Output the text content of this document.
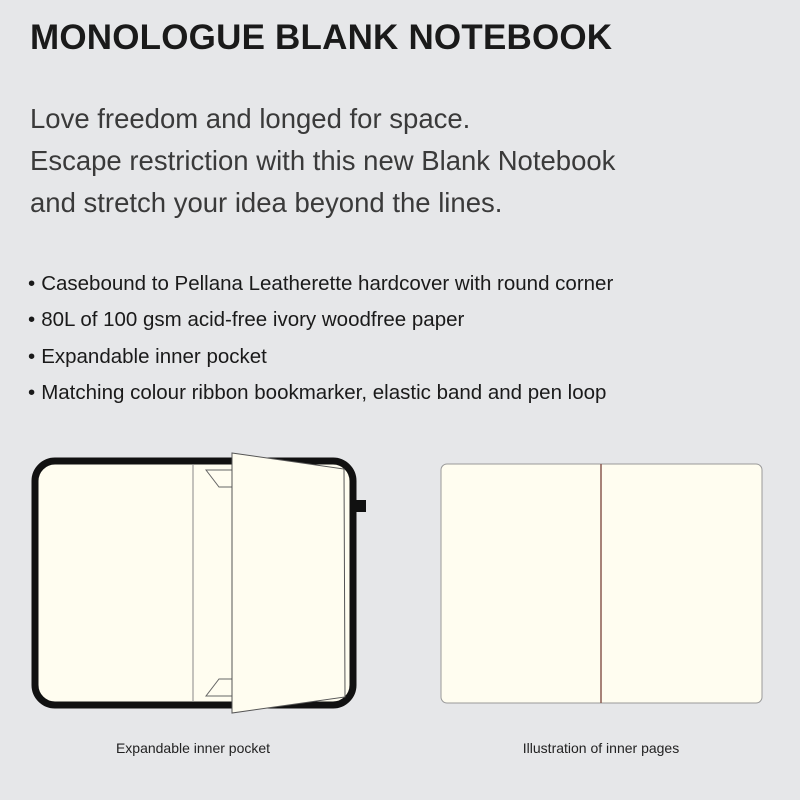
MONOLOGUE BLANK NOTEBOOK
Love freedom and longed for space.
Escape restriction with this new Blank Notebook
and stretch your idea beyond the lines.
• Casebound to Pellana Leatherette hardcover with round corner
• 80L of 100 gsm acid-free ivory woodfree paper
• Expandable inner pocket
• Matching colour ribbon bookmarker, elastic band and pen loop
Expandable inner pocket	Illustration of inner pages
